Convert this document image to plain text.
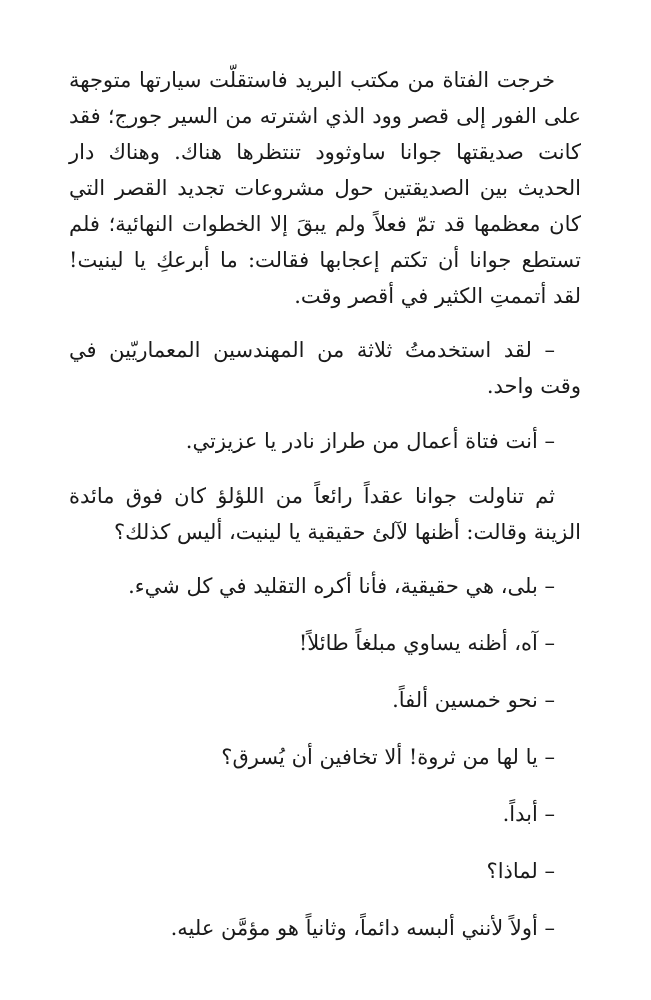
خرجت الفتاة من مكتب البريد فاستقلّت سيارتها متوجهة على الفور إلى قصر وود الذي اشترته من السير جورج؛ فقد كانت صديقتها جوانا ساوثوود تنتظرها هناك. وهناك دار الحديث بين الصديقتين حول مشروعات تجديد القصر التي كان معظمها قد تمّ فعلاً ولم يبقَ إلا الخطوات النهائية؛ فلم تستطع جوانا أن تكتم إعجابها فقالت: ما أبرعكِ يا لينيت! لقد أتممتِ الكثير في أقصر وقت.

– لقد استخدمتُ ثلاثة من المهندسين المعماريّين في وقت واحد.

– أنت فتاة أعمال من طراز نادر يا عزيزتي.

ثم تناولت جوانا عقداً رائعاً من اللؤلؤ كان فوق مائدة الزينة وقالت: أظنها لآلئ حقيقية يا لينيت، أليس كذلك؟

– بلى، هي حقيقية، فأنا أكره التقليد في كل شيء.

– آه، أظنه يساوي مبلغاً طائلاً!

– نحو خمسين ألفاً.

– يا لها من ثروة! ألا تخافين أن يُسرق؟

– أبداً.

– لماذا؟

– أولاً لأنني ألبسه دائماً، وثانياً هو مؤمَّن عليه.
